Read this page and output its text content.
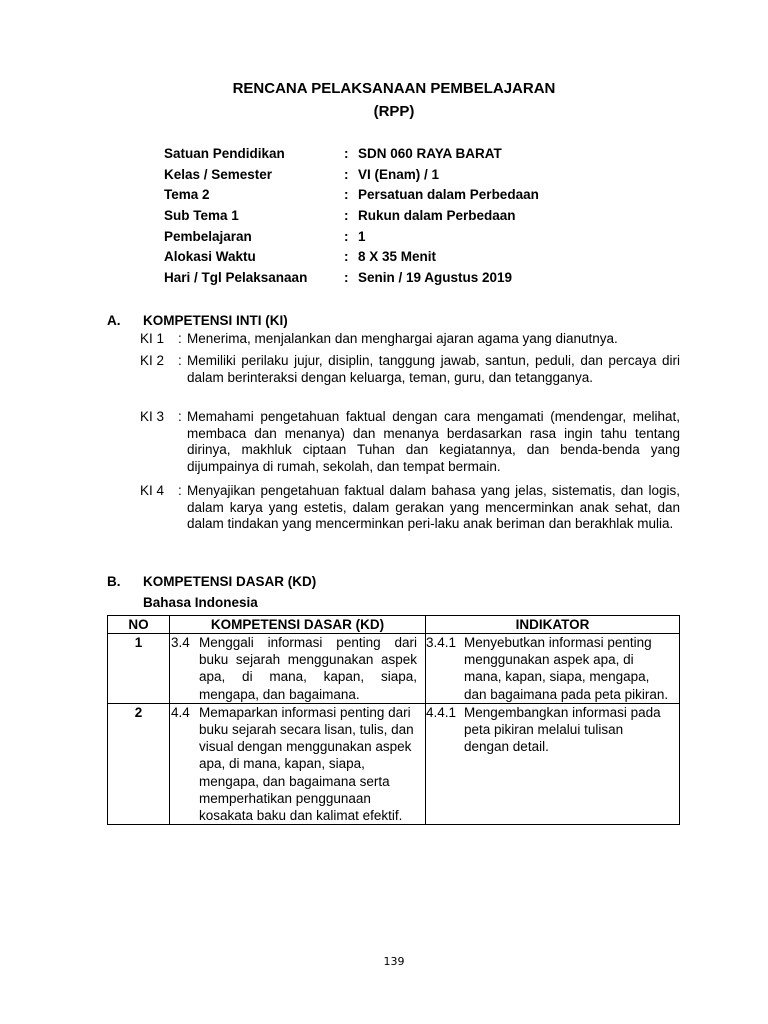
RENCANA PELAKSANAAN PEMBELAJARAN
(RPP)
Satuan Pendidikan	: SDN 060 RAYA BARAT
Kelas / Semester	: VI (Enam) / 1
Tema 2	: Persatuan dalam Perbedaan
Sub Tema 1	: Rukun dalam Perbedaan
Pembelajaran	: 1
Alokasi Waktu	: 8 X 35 Menit
Hari / Tgl Pelaksanaan	: Senin / 19 Agustus 2019
A. KOMPETENSI INTI (KI)
KI 1 : Menerima, menjalankan dan menghargai ajaran agama yang dianutnya.
KI 2 : Memiliki perilaku jujur, disiplin, tanggung jawab, santun, peduli, dan percaya diri dalam berinteraksi dengan keluarga, teman, guru, dan tetangganya.
KI 3 : Memahami pengetahuan faktual dengan cara mengamati (mendengar, melihat, membaca dan menanya) dan menanya berdasarkan rasa ingin tahu tentang dirinya, makhluk ciptaan Tuhan dan kegiatannya, dan benda-benda yang dijumpainya di rumah, sekolah, dan tempat bermain.
KI 4 : Menyajikan pengetahuan faktual dalam bahasa yang jelas, sistematis, dan logis, dalam karya yang estetis, dalam gerakan yang mencerminkan anak sehat, dan dalam tindakan yang mencerminkan peri-laku anak beriman dan berakhlak mulia.
B. KOMPETENSI DASAR (KD)
Bahasa Indonesia
NO	KOMPETENSI DASAR (KD)	INDIKATOR
1	3.4 Menggali informasi penting dari buku sejarah menggunakan aspek apa, di mana, kapan, siapa, mengapa, dan bagaimana.	3.4.1 Menyebutkan informasi penting menggunakan aspek apa, di mana, kapan, siapa, mengapa, dan bagaimana pada peta pikiran.

2	4.4 Memaparkan informasi penting dari buku sejarah secara lisan, tulis, dan visual dengan menggunakan aspek apa, di mana, kapan, siapa, mengapa, dan bagaimana serta memperhatikan penggunaan kosakata baku dan kalimat efektif.	4.4.1 Mengembangkan informasi pada peta pikiran melalui tulisan dengan detail.
139
